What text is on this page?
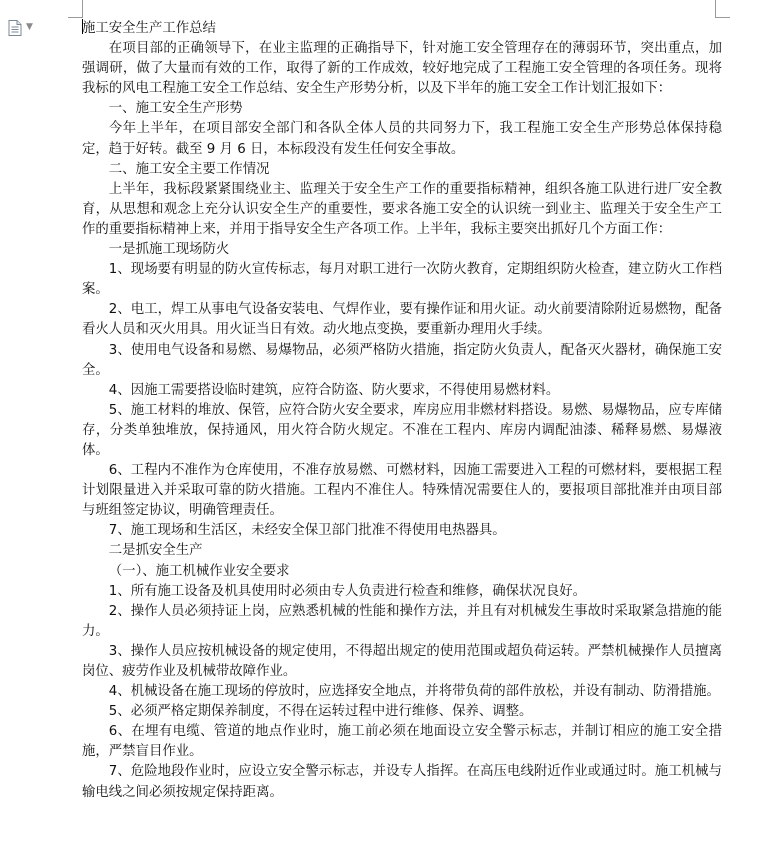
▼	施工安全生产工作总结

在项目部的正确领导下，在业主监理的正确指导下，针对施工安全管理存在的薄弱环节，突出重点，加强调研，做了大量而有效的工作，取得了新的工作成效，较好地完成了工程施工安全管理的各项任务。现将我标的风电工程施工安全工作总结、安全生产形势分析，以及下半年的施工安全工作计划汇报如下：

一、施工安全生产形势

今年上半年，在项目部安全部门和各队全体人员的共同努力下，我工程施工安全生产形势总体保持稳定，趋于好转。截至 9 月 6 日，本标段没有发生任何安全事故。

二、施工安全主要工作情况

上半年，我标段紧紧围绕业主、监理关于安全生产工作的重要指标精神，组织各施工队进行进厂安全教育，从思想和观念上充分认识安全生产的重要性，要求各施工安全的认识统一到业主、监理关于安全生产工作的重要指标精神上来，并用于指导安全生产各项工作。上半年，我标主要突出抓好几个方面工作：

一是抓施工现场防火

1、现场要有明显的防火宣传标志，每月对职工进行一次防火教育，定期组织防火检查，建立防火工作档案。

2、电工，焊工从事电气设备安装电、气焊作业，要有操作证和用火证。动火前要清除附近易燃物，配备看火人员和灭火用具。用火证当日有效。动火地点变换，要重新办理用火手续。

3、使用电气设备和易燃、易爆物品，必须严格防火措施，指定防火负责人，配备灭火器材，确保施工安全。

4、因施工需要搭设临时建筑，应符合防盗、防火要求，不得使用易燃材料。

5、施工材料的堆放、保管，应符合防火安全要求，库房应用非燃材料搭设。易燃、易爆物品，应专库储存，分类单独堆放，保持通风，用火符合防火规定。不准在工程内、库房内调配油漆、稀释易燃、易爆液体。

6、工程内不准作为仓库使用，不准存放易燃、可燃材料，因施工需要进入工程的可燃材料，要根据工程计划限量进入并采取可靠的防火措施。工程内不准住人。特殊情况需要住人的，要报项目部批准并由项目部与班组签定协议，明确管理责任。

7、施工现场和生活区，未经安全保卫部门批准不得使用电热器具。

二是抓安全生产

（一）、施工机械作业安全要求

1、所有施工设备及机具使用时必须由专人负责进行检查和维修，确保状况良好。

2、操作人员必须持证上岗，应熟悉机械的性能和操作方法，并且有对机械发生事故时采取紧急措施的能力。

3、操作人员应按机械设备的规定使用，不得超出规定的使用范围或超负荷运转。严禁机械操作人员擅离岗位、疲劳作业及机械带故障作业。

4、机械设备在施工现场的停放时，应选择安全地点，并将带负荷的部件放松，并设有制动、防滑措施。

5、必须严格定期保养制度，不得在运转过程中进行维修、保养、调整。

6、在埋有电缆、管道的地点作业时，施工前必须在地面设立安全警示标志，并制订相应的施工安全措施，严禁盲目作业。

7、危险地段作业时，应设立安全警示标志，并设专人指挥。在高压电线附近作业或通过时。施工机械与输电线之间必须按规定保持距离。
